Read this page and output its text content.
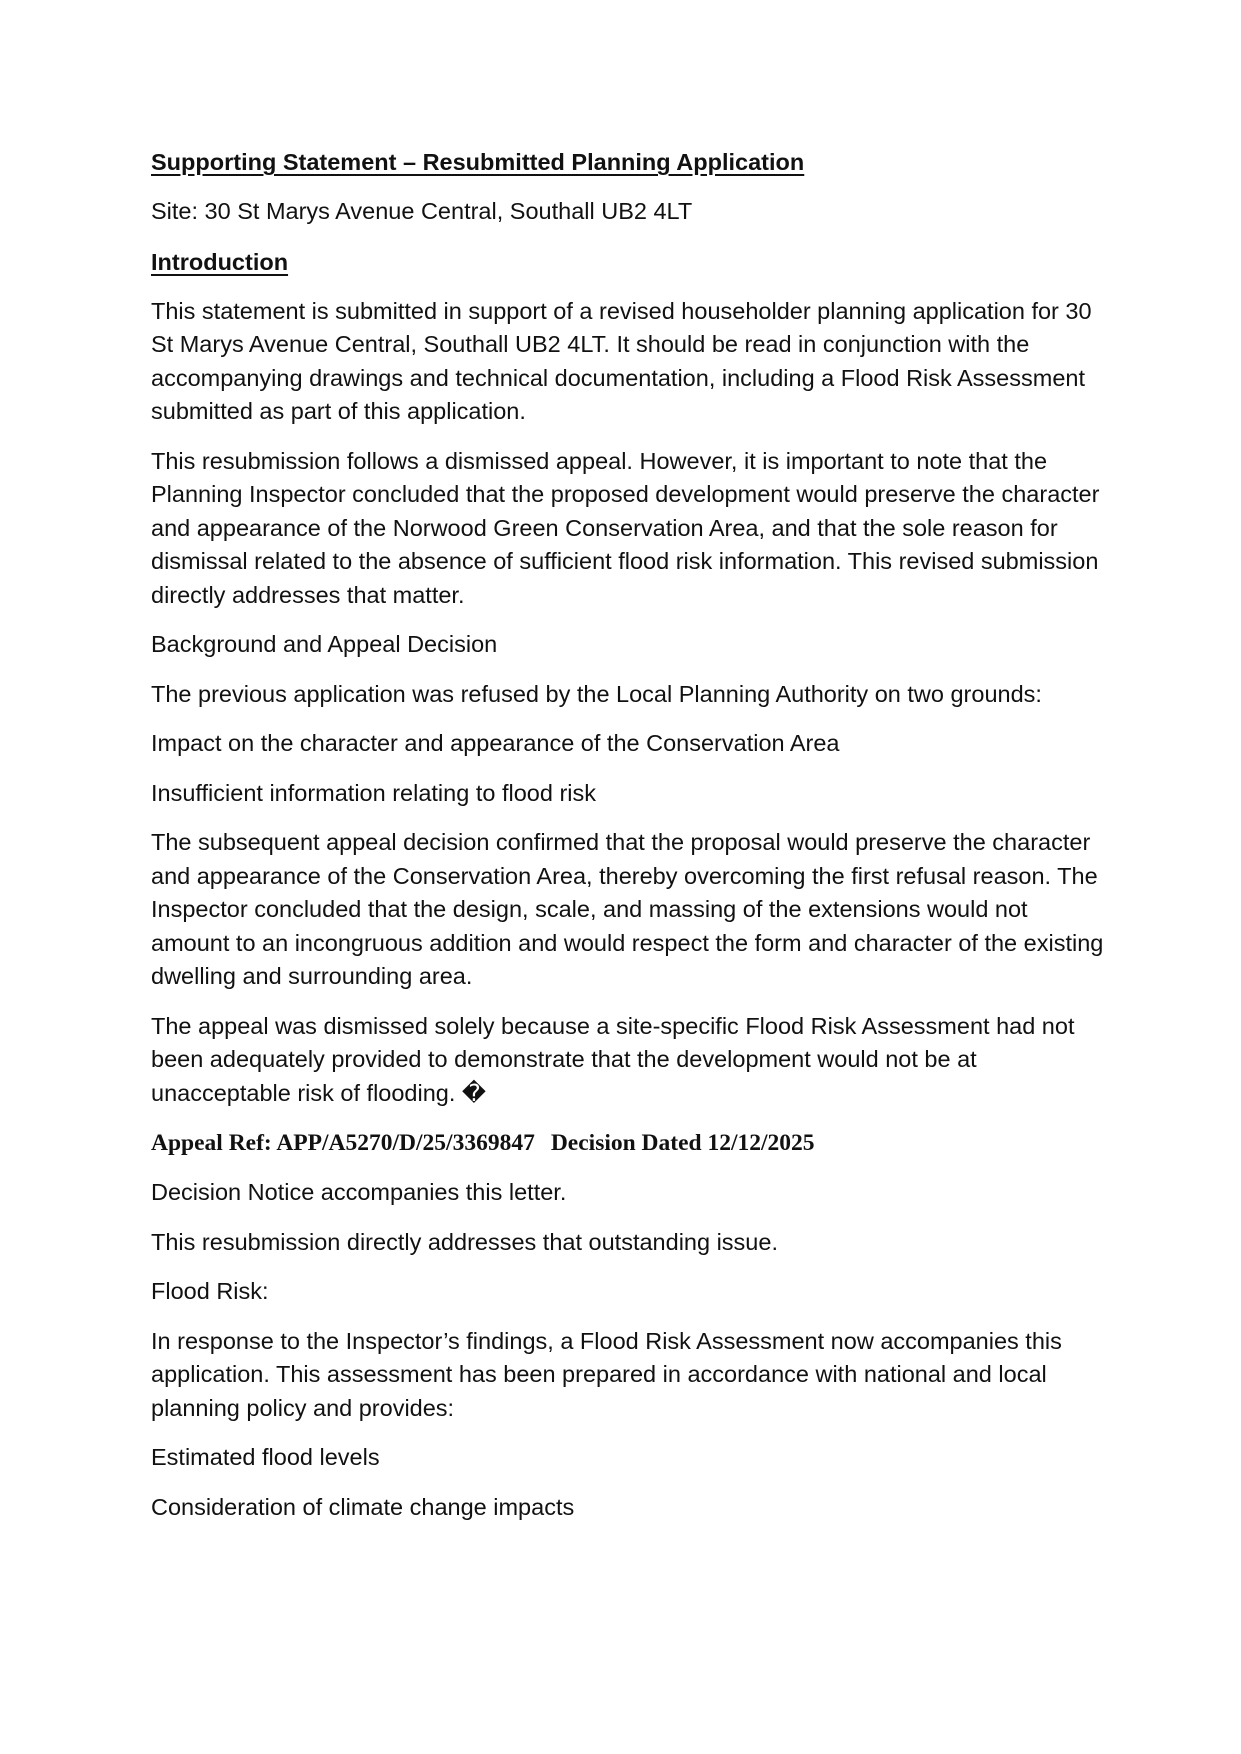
Supporting Statement – Resubmitted Planning Application

Site: 30 St Marys Avenue Central, Southall UB2 4LT

Introduction

This statement is submitted in support of a revised householder planning application for 30 St Marys Avenue Central, Southall UB2 4LT. It should be read in conjunction with the accompanying drawings and technical documentation, including a Flood Risk Assessment submitted as part of this application.

This resubmission follows a dismissed appeal. However, it is important to note that the Planning Inspector concluded that the proposed development would preserve the character and appearance of the Norwood Green Conservation Area, and that the sole reason for dismissal related to the absence of sufficient flood risk information. This revised submission directly addresses that matter.

Background and Appeal Decision

The previous application was refused by the Local Planning Authority on two grounds:

Impact on the character and appearance of the Conservation Area

Insufficient information relating to flood risk

The subsequent appeal decision confirmed that the proposal would preserve the character and appearance of the Conservation Area, thereby overcoming the first refusal reason. The Inspector concluded that the design, scale, and massing of the extensions would not amount to an incongruous addition and would respect the form and character of the existing dwelling and surrounding area.

The appeal was dismissed solely because a site-specific Flood Risk Assessment had not been adequately provided to demonstrate that the development would not be at unacceptable risk of flooding. �

Appeal Ref: APP/A5270/D/25/3369847 Decision Dated 12/12/2025

Decision Notice accompanies this letter.

This resubmission directly addresses that outstanding issue.

Flood Risk:

In response to the Inspector’s findings, a Flood Risk Assessment now accompanies this application. This assessment has been prepared in accordance with national and local planning policy and provides:

Estimated flood levels

Consideration of climate change impacts
